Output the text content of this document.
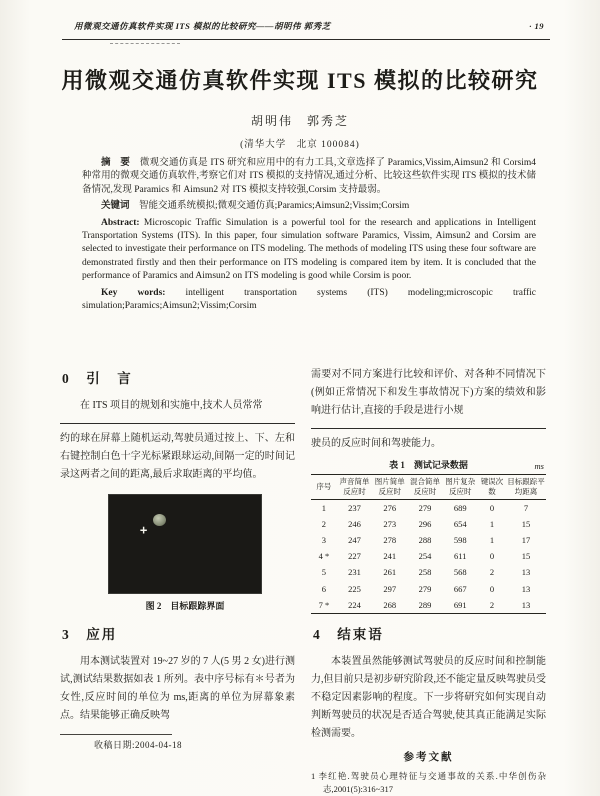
用微观交通仿真软件实现 ITS 模拟的比较研究——胡明伟 郭秀芝	· 19
用微观交通仿真软件实现 ITS 模拟的比较研究
胡明伟　郭秀芝
(清华大学　北京 100084)

摘　要　 微观交通仿真是 ITS 研究和应用中的有力工具,文章选择了 Paramics,Vissim,Aimsun2 和 Corsim4 种常用的微观交通仿真软件,考察它们对 ITS 模拟的支持情况,通过分析、比较这些软件实现 ITS 模拟的技术储备情况,发现 Paramics 和 Aimsun2 对 ITS 模拟支持较强,Corsim 支持最弱。

关键词　 智能交通系统模拟;微观交通仿真;Paramics;Aimsun2;Vissim;Corsim

Abstract: Microscopic Traffic Simulation is a powerful tool for the research and applications in Intelligent Transportation Systems (ITS). In this paper, four simulation software Paramics, Vissim, Aimsun2 and Corsim are selected to investigate their performance on ITS modeling. The methods of modeling ITS using these four software are demonstrated firstly and then their performance on ITS modeling is compared item by item. It is concluded that the performance of Paramics and Aimsun2 on ITS modeling is good while Corsim is poor.

Key words: intelligent transportation systems (ITS) modeling;microscopic traffic simulation;Paramics;Aimsun2;Vissim;Corsim

0　引　言

在 ITS 项目的规划和实施中,技术人员常常

约的球在屏幕上随机运动,驾驶员通过按上、下、左和右键控制白色十字光标紧跟球运动,间隔一定的时间记录这两者之间的距离,最后求取距离的平均值。

+
图 2　目标跟踪界面
3　应用

用本测试装置对 19~27 岁的 7 人(5 男 2 女)进行测试,测试结果数据如表 1 所列。表中序号标有＊号者为女性,反应时间的单位为 ms,距离的单位为屏幕象素点。结果能够正确反映驾

收稿日期:2004-04-18

需要对不同方案进行比较和评价、对各种不同情况下(例如正常情况下和发生事故情况下)方案的绩效和影响进行估计,直接的手段是进行小规

驶员的反应时间和驾驶能力。

表 1　测试记录数据	ms
序号	声音简单反应时	图片简单反应时	混合简单反应时	图片复杂反应时	键误次数	目标跟踪平均距离
1	237	276	279	689	0	7
2	246	273	296	654	1	15
3	247	278	288	598	1	17
4 *	227	241	254	611	0	15
5	231	261	258	568	2	13
6	225	297	279	667	0	13
7 *	224	268	289	691	2	13
4　结束语

本装置虽然能够测试驾驶员的反应时间和控制能力,但目前只是初步研究阶段,还不能定量反映驾驶员受不稳定因素影响的程度。下一步将研究如何实现自动判断驾驶员的状况是否适合驾驶,使其真正能满足实际检测需要。

参考文献

1 李红艳.驾驶员心理特征与交通事故的关系.中华创伤杂志,2001(5):316~317
